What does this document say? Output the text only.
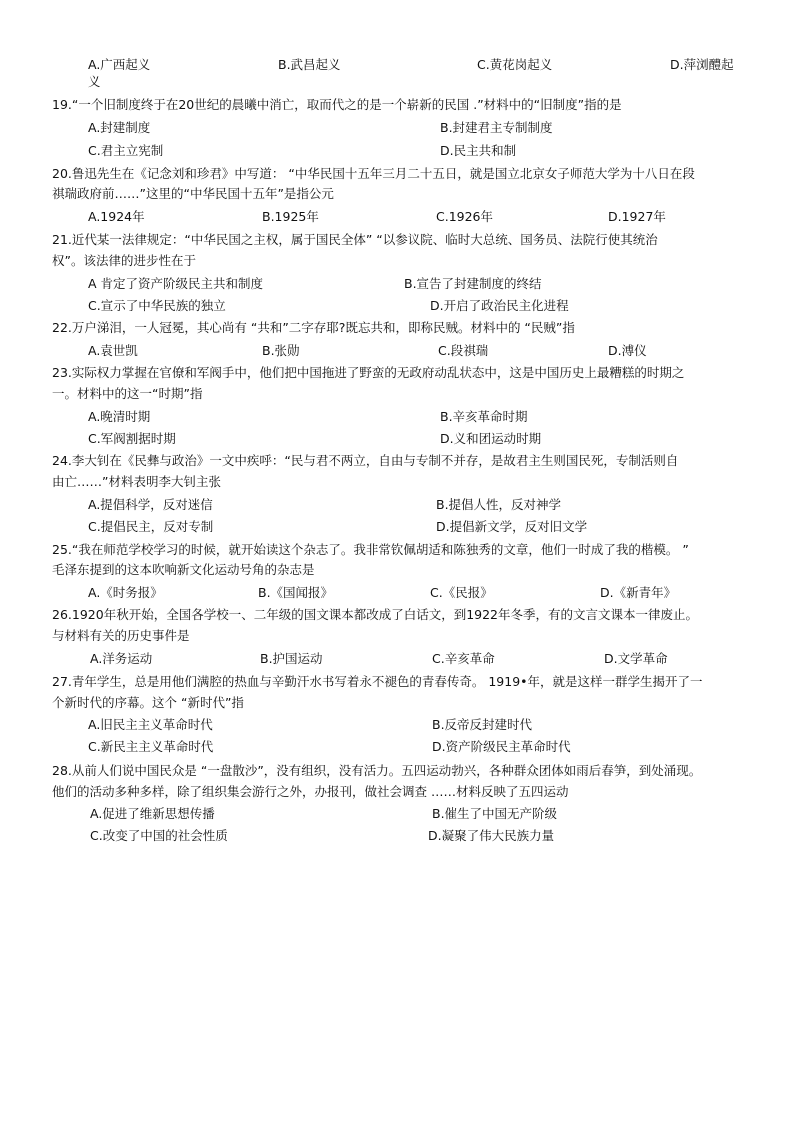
A.广西起义	B.武昌起义	C.黄花岗起义	D.萍浏醴起
义
19.“一个旧制度终于在20世纪的晨曦中消亡，取而代之的是一个崭新的民国 .”材料中的“旧制度”指的是
A.封建制度	B.封建君主专制制度
C.君主立宪制	D.民主共和制
20.鲁迅先生在《记念刘和珍君》中写道： “中华民国十五年三月二十五日，就是国立北京女子师范大学为十八日在段
祺瑞政府前……”这里的“中华民国十五年”是指公元
A.1924年	B.1925年	C.1926年	D.1927年
21.近代某一法律规定：“中华民国之主权，属于国民全体” “以参议院、临时大总统、国务员、法院行使其统治
权”。该法律的进步性在于
A 肯定了资产阶级民主共和制度	B.宣告了封建制度的终结
C.宣示了中华民族的独立	D.开启了政治民主化进程
22.万户涕泪，一人冠冕，其心尚有 “共和”二字存耶?既忘共和，即称民贼。材料中的 “民贼”指
A.袁世凯	B.张勋	C.段祺瑞	D.溥仪
23.实际权力掌握在官僚和军阀手中，他们把中国拖进了野蛮的无政府动乱状态中，这是中国历史上最糟糕的时期之
一。材料中的这一“时期”指
A.晚清时期	B.辛亥革命时期
C.军阀割据时期	D.义和团运动时期
24.李大钊在《民彝与政治》一文中疾呼：“民与君不两立，自由与专制不并存，是故君主生则国民死，专制活则自
由亡……”材料表明李大钊主张
A.提倡科学，反对迷信	B.提倡人性，反对神学
C.提倡民主，反对专制	D.提倡新文学，反对旧文学
25.“我在师范学校学习的时候，就开始读这个杂志了。我非常钦佩胡适和陈独秀的文章，他们一时成了我的楷模。 ”
毛泽东提到的这本吹响新文化运动号角的杂志是
A.《时务报》	B.《国闻报》	C.《民报》	D.《新青年》
26.1920年秋开始，全国各学校一、二年级的国文课本都改成了白话文，到1922年冬季，有的文言文课本一律废止。
与材料有关的历史事件是
A.洋务运动	B.护国运动	C.辛亥革命	D.文学革命
27.青年学生，总是用他们满腔的热血与辛勤汗水书写着永不褪色的青春传奇。 1919•年，就是这样一群学生揭开了一
个新时代的序幕。这个 “新时代”指
A.旧民主主义革命时代	B.反帝反封建时代
C.新民主主义革命时代	D.资产阶级民主革命时代
28.从前人们说中国民众是 “一盘散沙”，没有组织，没有活力。五四运动勃兴，各种群众团体如雨后春笋，到处涌现。
他们的活动多种多样，除了组织集会游行之外，办报刊，做社会调查 ……材料反映了五四运动
A.促进了维新思想传播	B.催生了中国无产阶级
C.改变了中国的社会性质	D.凝聚了伟大民族力量
